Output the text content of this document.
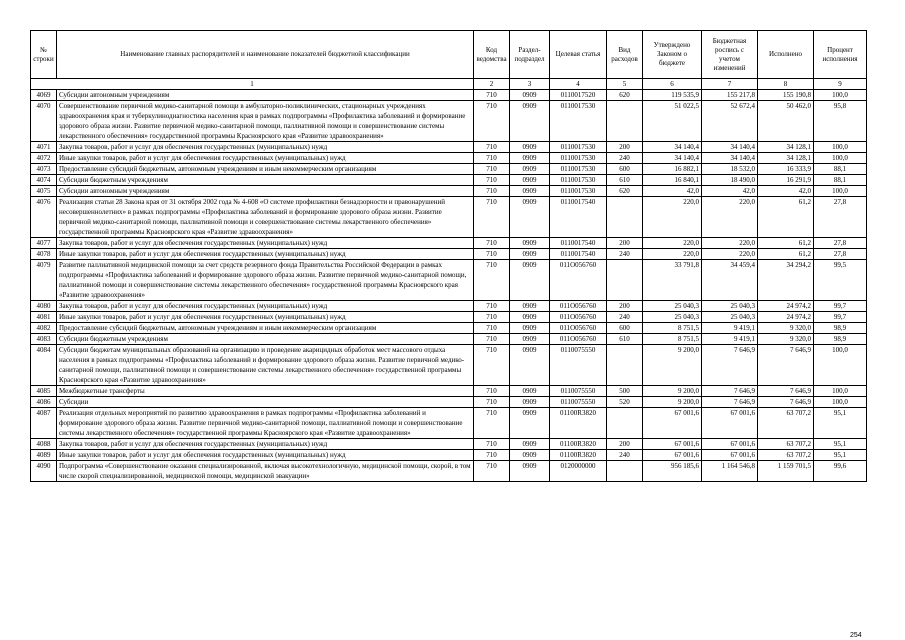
№ строки	Наименование главных распорядителей и наименование показателей бюджетной классификации	Код ведомства	Раздел-подраздел	Целевая статья	Вид расходов	Утверждено Законом о бюджете	Бюджетная роспись с учетом изменений	Исполнено	Процент исполнения
1		2	3	4	5	6	7	8	9
4069	Субсидии автономным учреждениям	710	0909	0110017520	620	119 535,9	155 217,8	155 190,8	100,0
4070	Совершенствование первичной медико-санитарной помощи в амбулаторно-поликлинических, стационарных учреждениях здравоохранения края и туберкулинодиагностика населения края в рамках подпрограммы «Профилактика заболеваний и формирование здорового образа жизни. Развитие первичной медико-санитарной помощи, паллиативной помощи и совершенствование системы лекарственного обеспечения» государственной программы Красноярского края «Развитие здравоохранения»	710	0909	0110017530		51 022,5	52 672,4	50 462,0	95,8
4071	Закупка товаров, работ и услуг для обеспечения государственных (муниципальных) нужд	710	0909	0110017530	200	34 140,4	34 140,4	34 128,1	100,0
4072	Иные закупки товаров, работ и услуг для обеспечения государственных (муниципальных) нужд	710	0909	0110017530	240	34 140,4	34 140,4	34 128,1	100,0
4073	Предоставление субсидий бюджетным, автономным учреждениям и иным некоммерческим организациям	710	0909	0110017530	600	16 882,1	18 532,0	16 333,9	88,1
4074	Субсидии бюджетным учреждениям	710	0909	0110017530	610	16 840,1	18 490,0	16 291,9	88,1
4075	Субсидии автономным учреждениям	710	0909	0110017530	620	42,0	42,0	42,0	100,0
4076	Реализация статьи 28 Закона края от 31 октября 2002 года № 4-608 «О системе профилактики безнадзорности и правонарушений несовершеннолетних» в рамках подпрограммы «Профилактика заболеваний и формирование здорового образа жизни. Развитие первичной медико-санитарной помощи, паллиативной помощи и совершенствование системы лекарственного обеспечения» государственной программы Красноярского края «Развитие здравоохранения»	710	0909	0110017540		220,0	220,0	61,2	27,8
4077	Закупка товаров, работ и услуг для обеспечения государственных (муниципальных) нужд	710	0909	0110017540	200	220,0	220,0	61,2	27,8
4078	Иные закупки товаров, работ и услуг для обеспечения государственных (муниципальных) нужд	710	0909	0110017540	240	220,0	220,0	61,2	27,8
4079	Развитие паллиативной медицинской помощи за счет средств резервного фонда Правительства Российской Федерации в рамках подпрограммы «Профилактика заболеваний и формирование здорового образа жизни. Развитие первичной медико-санитарной помощи, паллиативной помощи и совершенствование системы лекарственного обеспечения» государственной программы Красноярского края «Развитие здравоохранения»	710	0909	011О056760		33 791,8	34 459,4	34 294,2	99,5
4080	Закупка товаров, работ и услуг для обеспечения государственных (муниципальных) нужд	710	0909	011О056760	200	25 040,3	25 040,3	24 974,2	99,7
4081	Иные закупки товаров, работ и услуг для обеспечения государственных (муниципальных) нужд	710	0909	011О056760	240	25 040,3	25 040,3	24 974,2	99,7
4082	Предоставление субсидий бюджетным, автономным учреждениям и иным некоммерческим организациям	710	0909	011О056760	600	8 751,5	9 419,1	9 320,0	98,9
4083	Субсидии бюджетным учреждениям	710	0909	011О056760	610	8 751,5	9 419,1	9 320,0	98,9
4084	Субсидии бюджетам муниципальных образований на организацию и проведение акарицидных обработок мест массового отдыха населения в рамках подпрограммы «Профилактика заболеваний и формирование здорового образа жизни. Развитие первичной медико-санитарной помощи, паллиативной помощи и совершенствование системы лекарственного обеспечения» государственной программы Красноярского края «Развитие здравоохранения»	710	0909	0110075550		9 200,0	7 646,9	7 646,9	100,0
4085	Межбюджетные трансферты	710	0909	0110075550	500	9 200,0	7 646,9	7 646,9	100,0
4086	Субсидии	710	0909	0110075550	520	9 200,0	7 646,9	7 646,9	100,0
4087	Реализация отдельных мероприятий по развитию здравоохранения в рамках подпрограммы «Профилактика заболеваний и формирование здорового образа жизни. Развитие первичной медико-санитарной помощи, паллиативной помощи и совершенствование системы лекарственного обеспечения» государственной программы Красноярского края «Развитие здравоохранения»	710	0909	01100R3820		67 001,6	67 001,6	63 707,2	95,1
4088	Закупка товаров, работ и услуг для обеспечения государственных (муниципальных) нужд	710	0909	01100R3820	200	67 001,6	67 001,6	63 707,2	95,1
4089	Иные закупки товаров, работ и услуг для обеспечения государственных (муниципальных) нужд	710	0909	01100R3820	240	67 001,6	67 001,6	63 707,2	95,1
4090	Подпрограмма «Совершенствование оказания специализированной, включая высокотехнологичную, медицинской помощи, скорой, в том числе скорой специализированной, медицинской помощи, медицинской эвакуации»	710	0909	0120000000		956 185,6	1 164 546,8	1 159 701,5	99,6
254
